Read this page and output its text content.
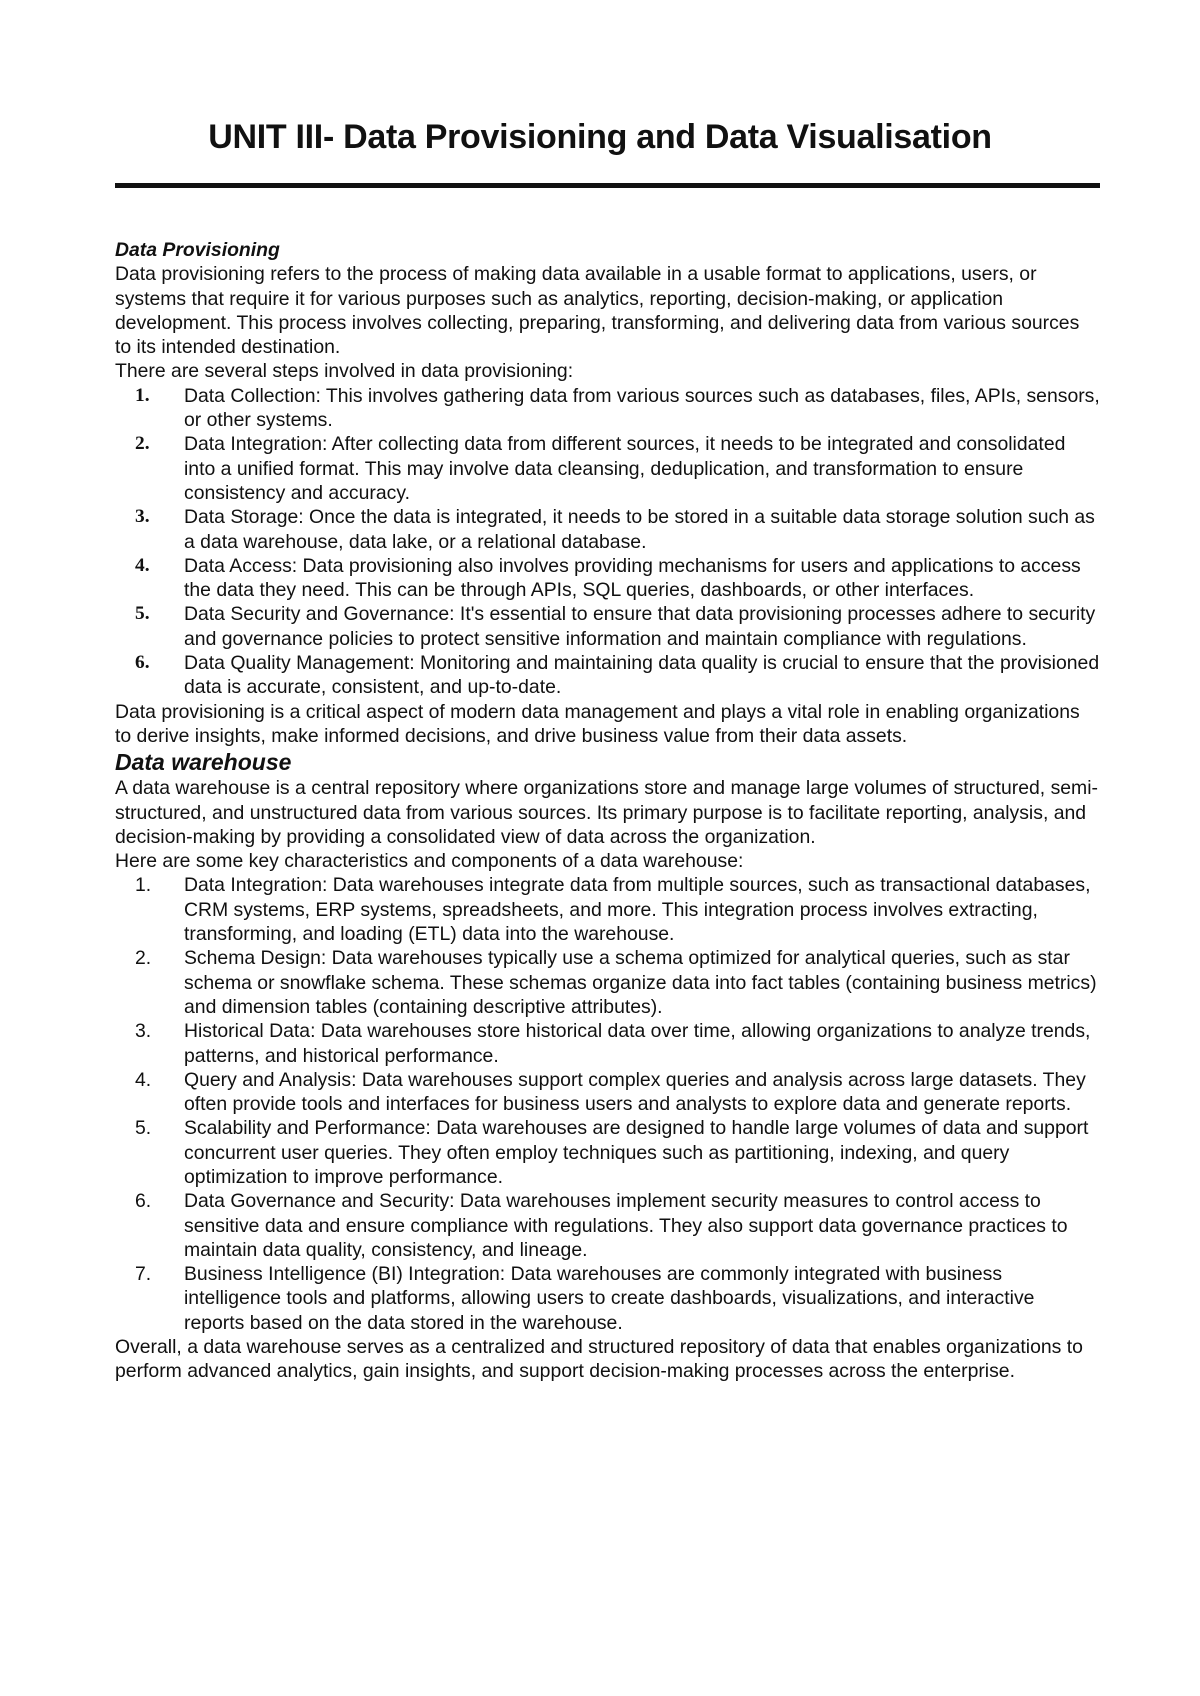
UNIT III- Data Provisioning and Data Visualisation

Data Provisioning

Data provisioning refers to the process of making data available in a usable format to applications, users, or systems that require it for various purposes such as analytics, reporting, decision-making, or application development. This process involves collecting, preparing, transforming, and delivering data from various sources to its intended destination.

There are several steps involved in data provisioning:

1. Data Collection: This involves gathering data from various sources such as databases, files, APIs, sensors, or other systems.
2. Data Integration: After collecting data from different sources, it needs to be integrated and consolidated into a unified format. This may involve data cleansing, deduplication, and transformation to ensure consistency and accuracy.
3. Data Storage: Once the data is integrated, it needs to be stored in a suitable data storage solution such as a data warehouse, data lake, or a relational database.
4. Data Access: Data provisioning also involves providing mechanisms for users and applications to access the data they need. This can be through APIs, SQL queries, dashboards, or other interfaces.
5. Data Security and Governance: It's essential to ensure that data provisioning processes adhere to security and governance policies to protect sensitive information and maintain compliance with regulations.
6. Data Quality Management: Monitoring and maintaining data quality is crucial to ensure that the provisioned data is accurate, consistent, and up-to-date.

Data provisioning is a critical aspect of modern data management and plays a vital role in enabling organizations to derive insights, make informed decisions, and drive business value from their data assets.

Data warehouse

A data warehouse is a central repository where organizations store and manage large volumes of structured, semi-structured, and unstructured data from various sources. Its primary purpose is to facilitate reporting, analysis, and decision-making by providing a consolidated view of data across the organization.

Here are some key characteristics and components of a data warehouse:

1. Data Integration: Data warehouses integrate data from multiple sources, such as transactional databases, CRM systems, ERP systems, spreadsheets, and more. This integration process involves extracting, transforming, and loading (ETL) data into the warehouse.
2. Schema Design: Data warehouses typically use a schema optimized for analytical queries, such as star schema or snowflake schema. These schemas organize data into fact tables (containing business metrics) and dimension tables (containing descriptive attributes).
3. Historical Data: Data warehouses store historical data over time, allowing organizations to analyze trends, patterns, and historical performance.
4. Query and Analysis: Data warehouses support complex queries and analysis across large datasets. They often provide tools and interfaces for business users and analysts to explore data and generate reports.
5. Scalability and Performance: Data warehouses are designed to handle large volumes of data and support concurrent user queries. They often employ techniques such as partitioning, indexing, and query optimization to improve performance.
6. Data Governance and Security: Data warehouses implement security measures to control access to sensitive data and ensure compliance with regulations. They also support data governance practices to maintain data quality, consistency, and lineage.
7. Business Intelligence (BI) Integration: Data warehouses are commonly integrated with business intelligence tools and platforms, allowing users to create dashboards, visualizations, and interactive reports based on the data stored in the warehouse.

Overall, a data warehouse serves as a centralized and structured repository of data that enables organizations to perform advanced analytics, gain insights, and support decision-making processes across the enterprise.
